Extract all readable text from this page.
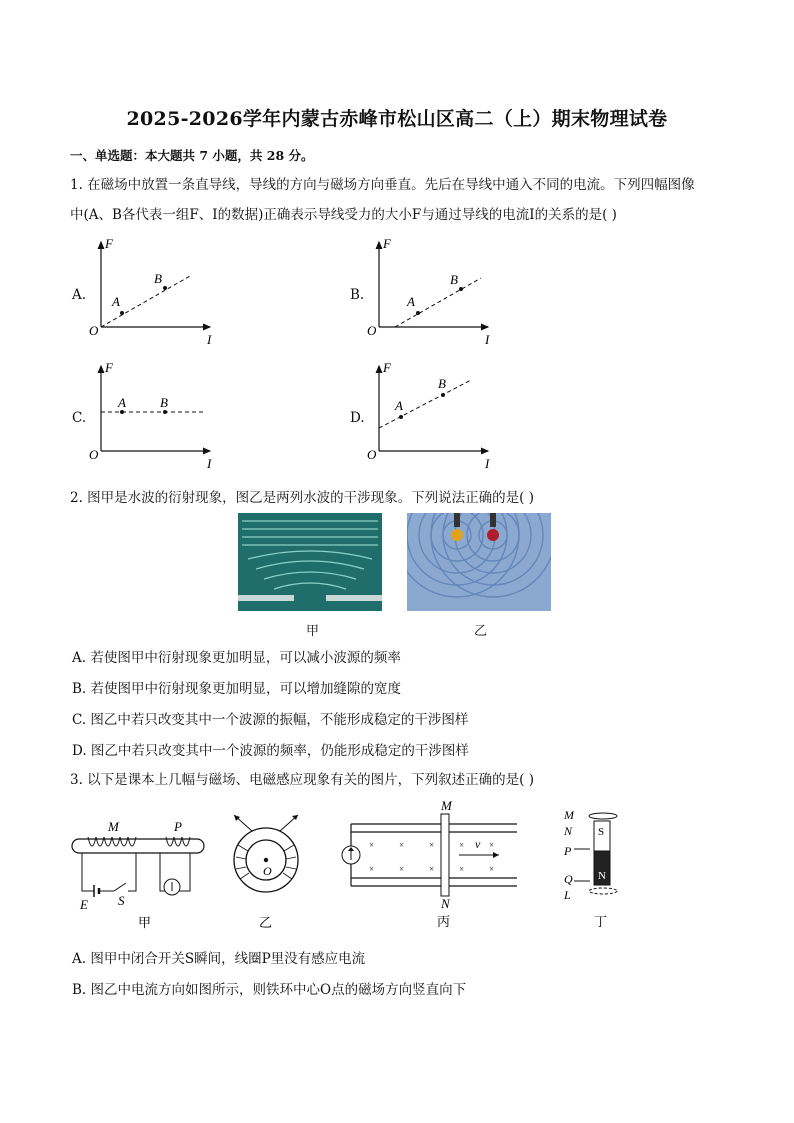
2025-2026学年内蒙古赤峰市松山区高二（上）期末物理试卷
一、单选题：本大题共 7 小题，共 28 分。
1. 在磁场中放置一条直导线，导线的方向与磁场方向垂直。先后在导线中通入不同的电流。下列四幅图像
中(A、B各代表一组F、I的数据)正确表示导线受力的大小F与通过导线的电流I的关系的是( )
A.
F
I
O
A
B
B.
F
I
O
A
B
C.
F
I
O
A	B
D.
F
I
O
A
B
2. 图甲是水波的衍射现象，图乙是两列水波的干涉现象。下列说法正确的是( )
甲	乙
A. 若使图甲中衍射现象更加明显，可以减小波源的频率
B. 若使图甲中衍射现象更加明显，可以增加缝隙的宽度
C. 图乙中若只改变其中一个波源的振幅，不能形成稳定的干涉图样
D. 图乙中若只改变其中一个波源的频率，仍能形成稳定的干涉图样
3. 以下是课本上几幅与磁场、电磁感应现象有关的图片，下列叙述正确的是( )
M	P
E S
甲
O
乙
×	×	×	×	×
×	×	×	×	×
M
N
v
丙
M
N
P
Q
L
S
N
丁
A. 图甲中闭合开关S瞬间，线圈P里没有感应电流
B. 图乙中电流方向如图所示，则铁环中心O点的磁场方向竖直向下
